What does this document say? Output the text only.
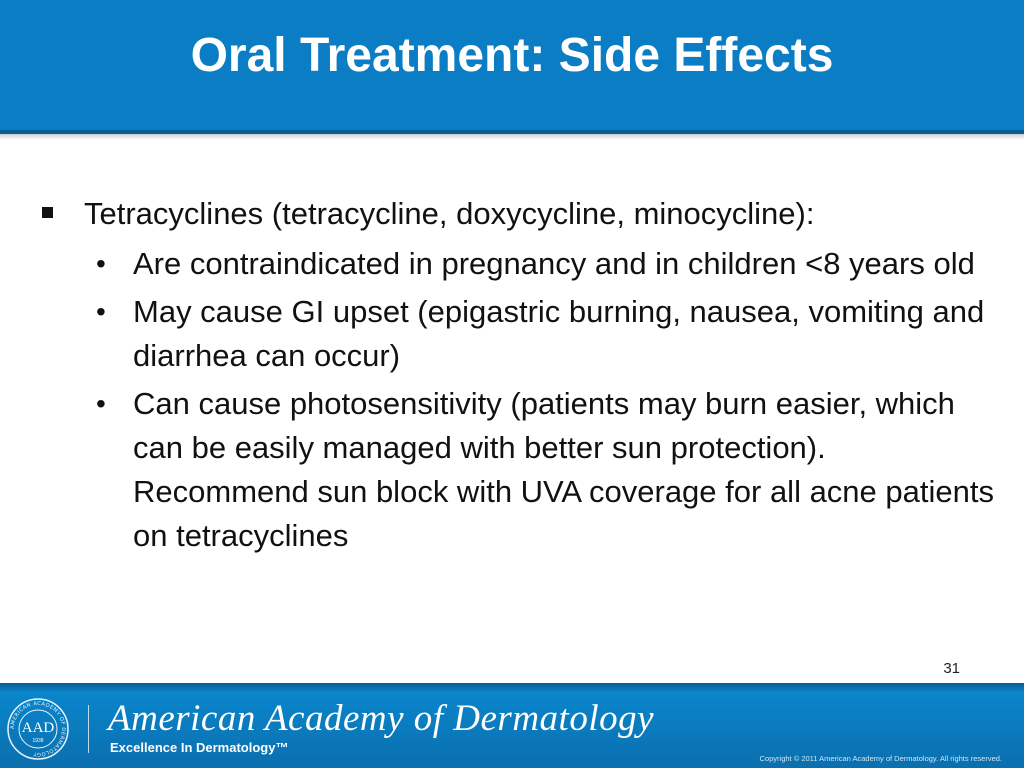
Oral Treatment: Side Effects
Tetracyclines (tetracycline, doxycycline, minocycline):
• Are contraindicated in pregnancy and in children <8 years old
• May cause GI upset (epigastric burning, nausea, vomiting and diarrhea can occur)
• Can cause photosensitivity (patients may burn easier, which can be easily managed with better sun protection). Recommend sun block with UVA coverage for all acne patients on tetracyclines
31
AMERICAN ACADEMY OF DERMATOLOGY
AAD
1938
American Academy of Dermatology
Excellence In Dermatology™
Copyright © 2011 American Academy of Dermatology. All rights reserved.
